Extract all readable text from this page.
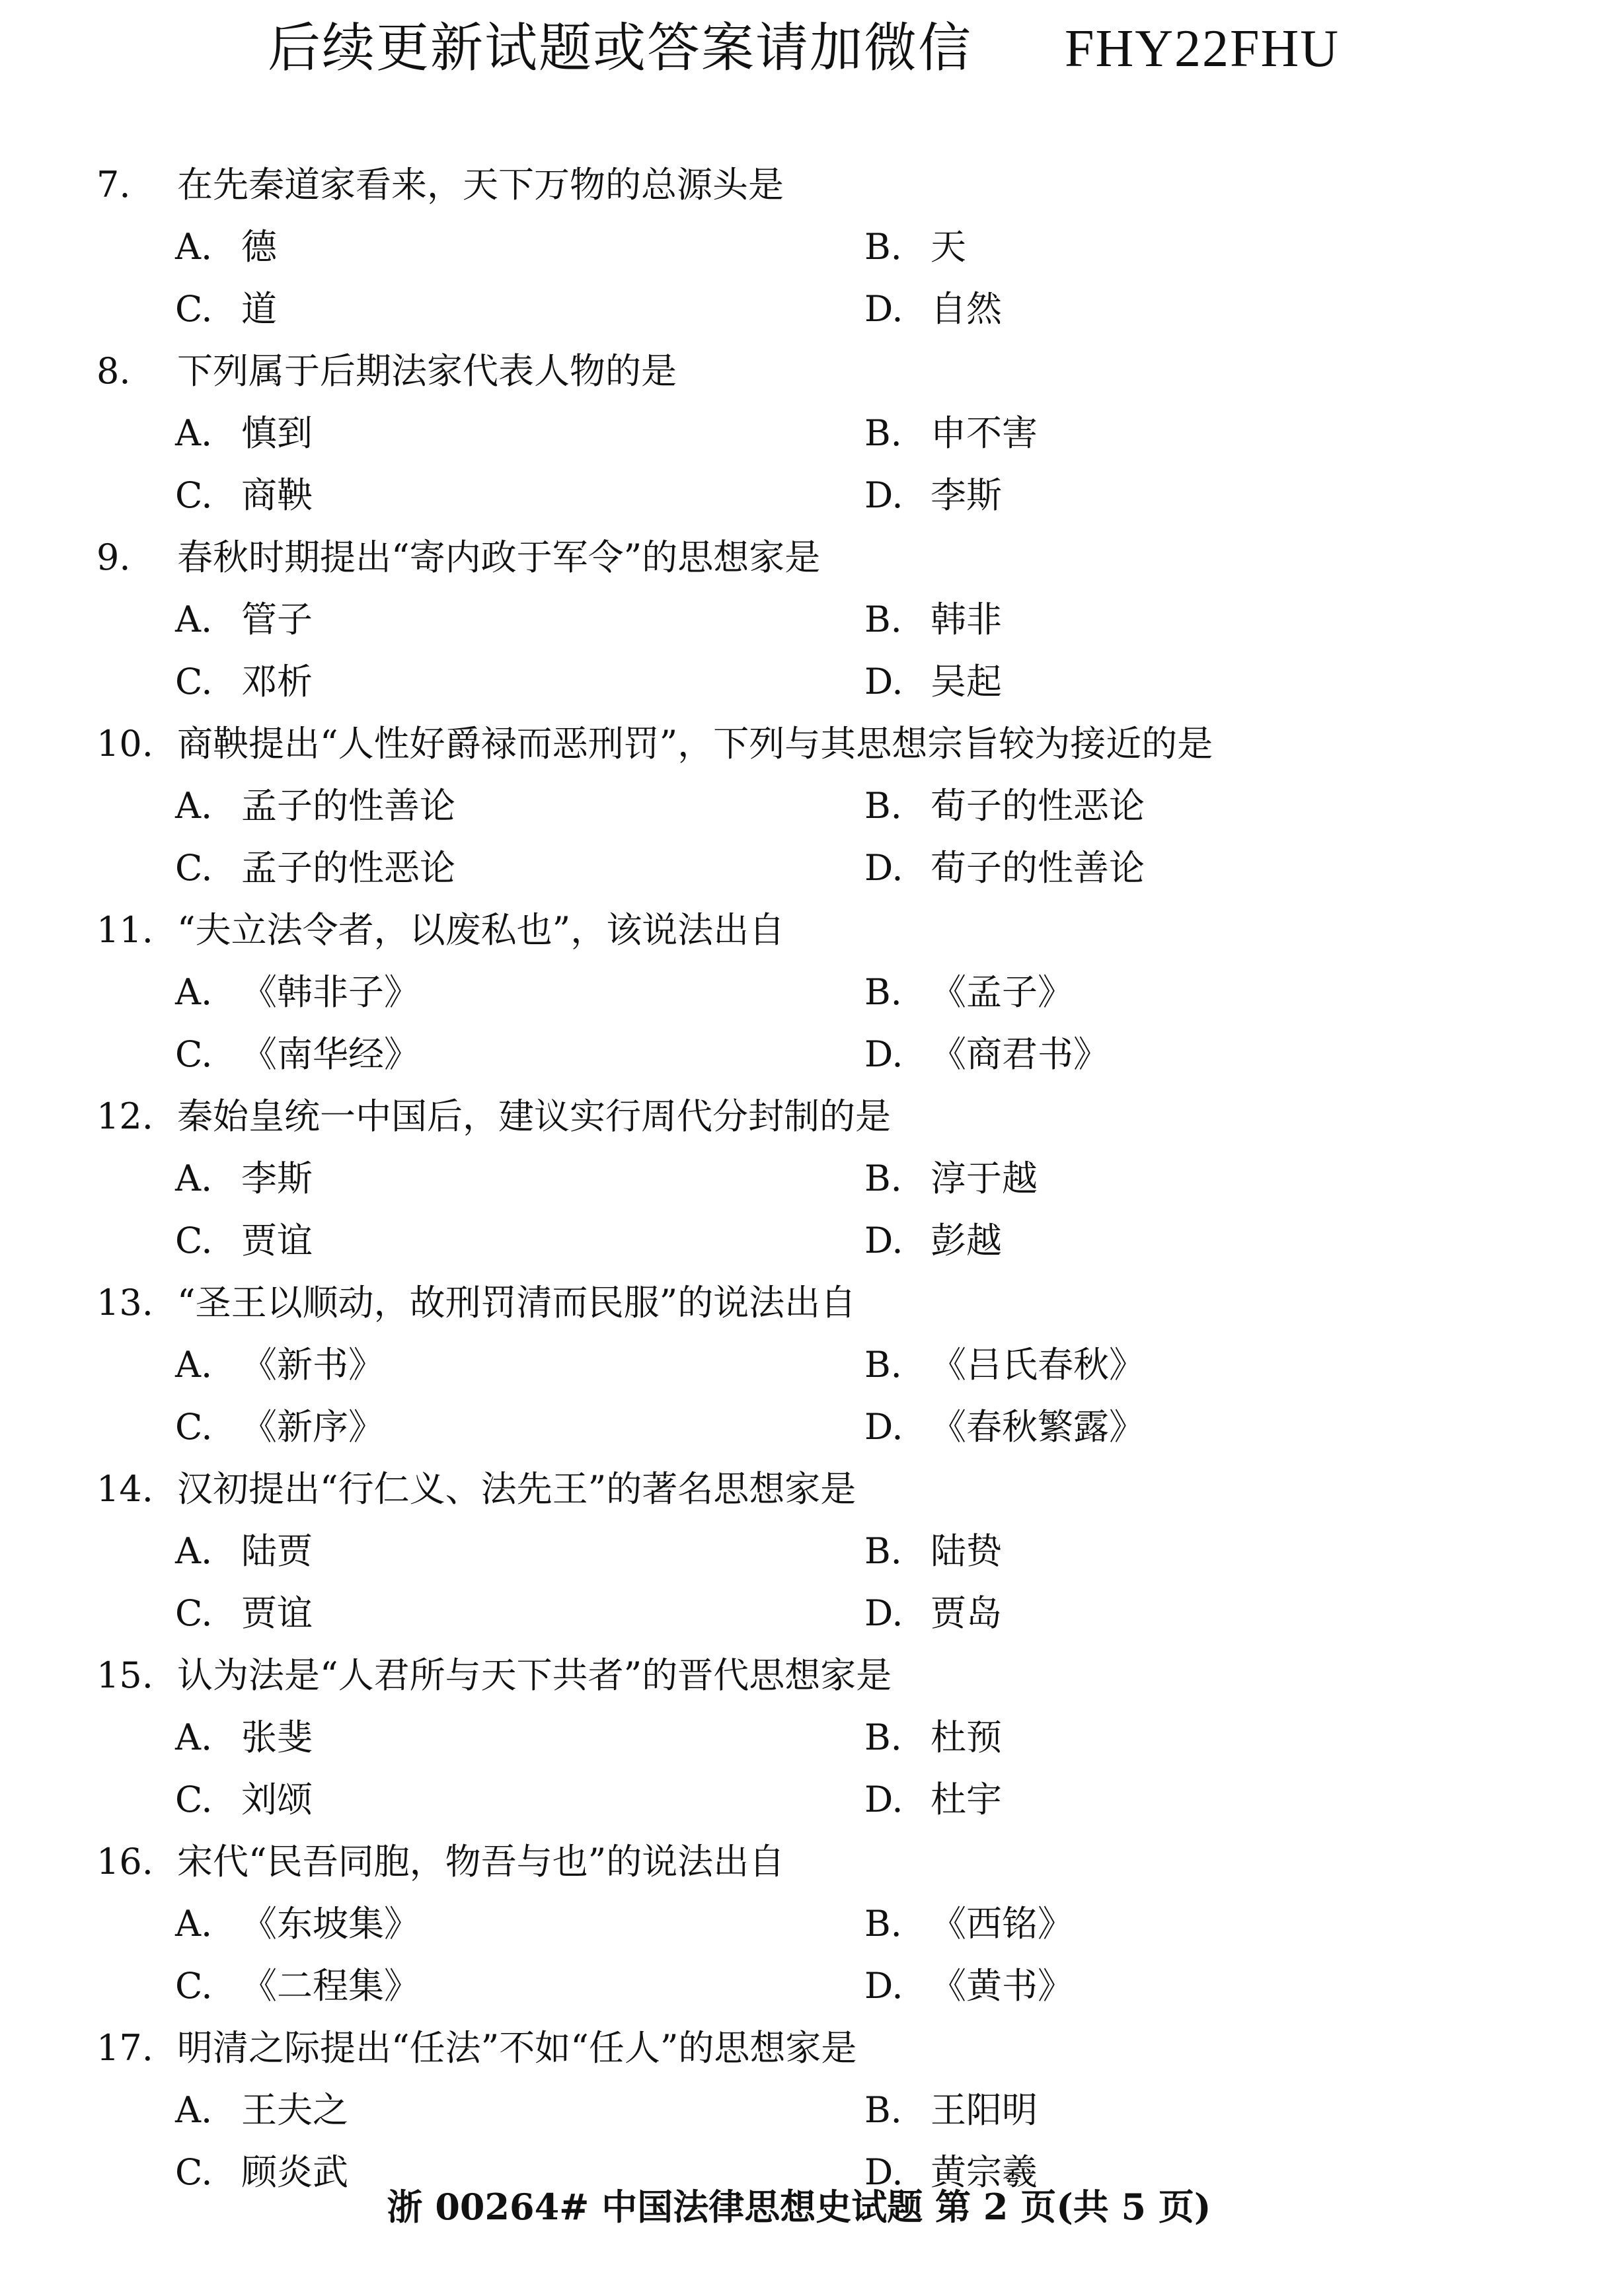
后续更新试题或答案请加微信 FHY22FHU
7. 在先秦道家看来，天下万物的总源头是
A. 德	B. 天
C. 道	D. 自然
8. 下列属于后期法家代表人物的是
A. 慎到	B. 申不害
C. 商鞅	D. 李斯
9. 春秋时期提出“寄内政于军令”的思想家是
A. 管子	B. 韩非
C. 邓析	D. 吴起
10. 商鞅提出“人性好爵禄而恶刑罚”，下列与其思想宗旨较为接近的是
A. 孟子的性善论	B. 荀子的性恶论
C. 孟子的性恶论	D. 荀子的性善论
11. “夫立法令者，以废私也”，该说法出自
A. 《韩非子》	B. 《孟子》
C. 《南华经》	D. 《商君书》
12. 秦始皇统一中国后，建议实行周代分封制的是
A. 李斯	B. 淳于越
C. 贾谊	D. 彭越
13. “圣王以顺动，故刑罚清而民服”的说法出自
A. 《新书》	B. 《吕氏春秋》
C. 《新序》	D. 《春秋繁露》
14. 汉初提出“行仁义、法先王”的著名思想家是
A. 陆贾	B. 陆贽
C. 贾谊	D. 贾岛
15. 认为法是“人君所与天下共者”的晋代思想家是
A. 张斐	B. 杜预
C. 刘颂	D. 杜宇
16. 宋代“民吾同胞，物吾与也”的说法出自
A. 《东坡集》	B. 《西铭》
C. 《二程集》	D. 《黄书》
17. 明清之际提出“任法”不如“任人”的思想家是
A. 王夫之	B. 王阳明
C. 顾炎武	D. 黄宗羲
浙 00264# 中国法律思想史试题 第 2 页(共 5 页)
